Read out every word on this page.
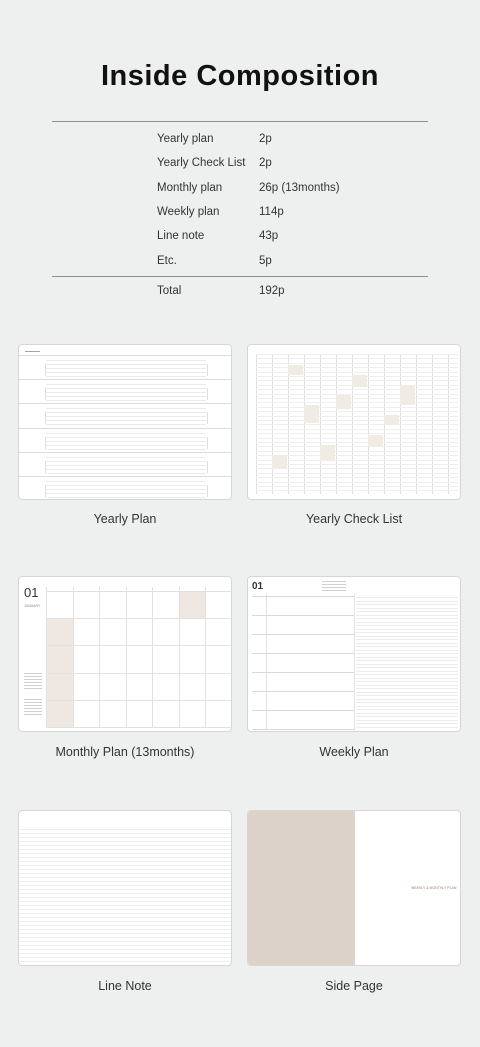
Inside Composition
Yearly plan	2p
Yearly Check List 2p
Monthly plan	26p (13months)
Weekly plan	114p
Line note	43p
Etc.	5p
Total	192p
▬▬▬▬▬
Yearly Plan	Yearly Check List
01
JANUARY
Monthly Plan (13months)
01
Weekly Plan
Line Note
WEEKLY & MONTHLY PLAN
Side Page
